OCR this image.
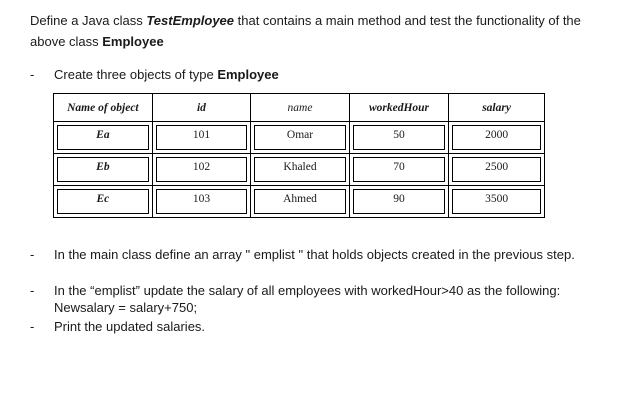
Define a Java class TestEmployee that contains a main method and test the functionality of the above class Employee
-	Create three objects of type Employee
Name of object	id	name	workedHour	salary

Ea	101	Omar	50	2000

Eb	102	Khaled	70	2500

Ec	103	Ahmed	90	3500
-	In the main class define an array " emplist " that holds objects created in the previous step.
-	In the “emplist” update the salary of all employees with workedHour>40 as the following: Newsalary = salary+750;
-	Print the updated salaries.
